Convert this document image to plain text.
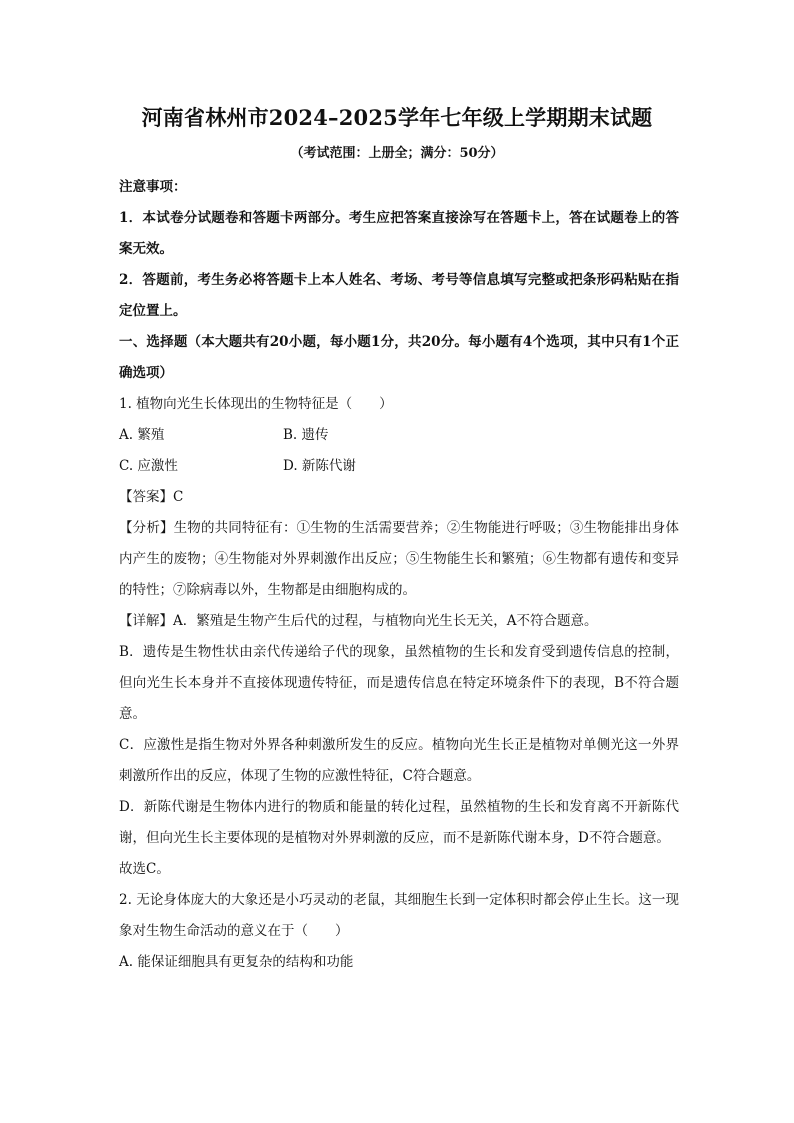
河南省林州市2024–2025学年七年级上学期期末试题
（考试范围：上册全；满分：50分）

注意事项：

1．本试卷分试题卷和答题卡两部分。考生应把答案直接涂写在答题卡上，答在试题卷上的答案无效。

2．答题前，考生务必将答题卡上本人姓名、考场、考号等信息填写完整或把条形码粘贴在指定位置上。

一、选择题（本大题共有20小题，每小题1分，共20分。每小题有4个选项，其中只有1个正确选项）

1. 植物向光生长体现出的生物特征是（　　）

A. 繁殖	B. 遗传
C. 应激性	D. 新陈代谢

【答案】C

【分析】生物的共同特征有：①生物的生活需要营养；②生物能进行呼吸；③生物能排出身体内产生的废物；④生物能对外界刺激作出反应；⑤生物能生长和繁殖；⑥生物都有遗传和变异的特性；⑦除病毒以外，生物都是由细胞构成的。

【详解】A．繁殖是生物产生后代的过程，与植物向光生长无关，A不符合题意。

B．遗传是生物性状由亲代传递给子代的现象，虽然植物的生长和发育受到遗传信息的控制，但向光生长本身并不直接体现遗传特征，而是遗传信息在特定环境条件下的表现，B不符合题意。

C．应激性是指生物对外界各种刺激所发生的反应。植物向光生长正是植物对单侧光这一外界刺激所作出的反应，体现了生物的应激性特征，C符合题意。

D．新陈代谢是生物体内进行的物质和能量的转化过程，虽然植物的生长和发育离不开新陈代谢，但向光生长主要体现的是植物对外界刺激的反应，而不是新陈代谢本身，D不符合题意。

故选C。

2. 无论身体庞大的大象还是小巧灵动的老鼠，其细胞生长到一定体积时都会停止生长。这一现象对生物生命活动的意义在于（　　）

A. 能保证细胞具有更复杂的结构和功能
